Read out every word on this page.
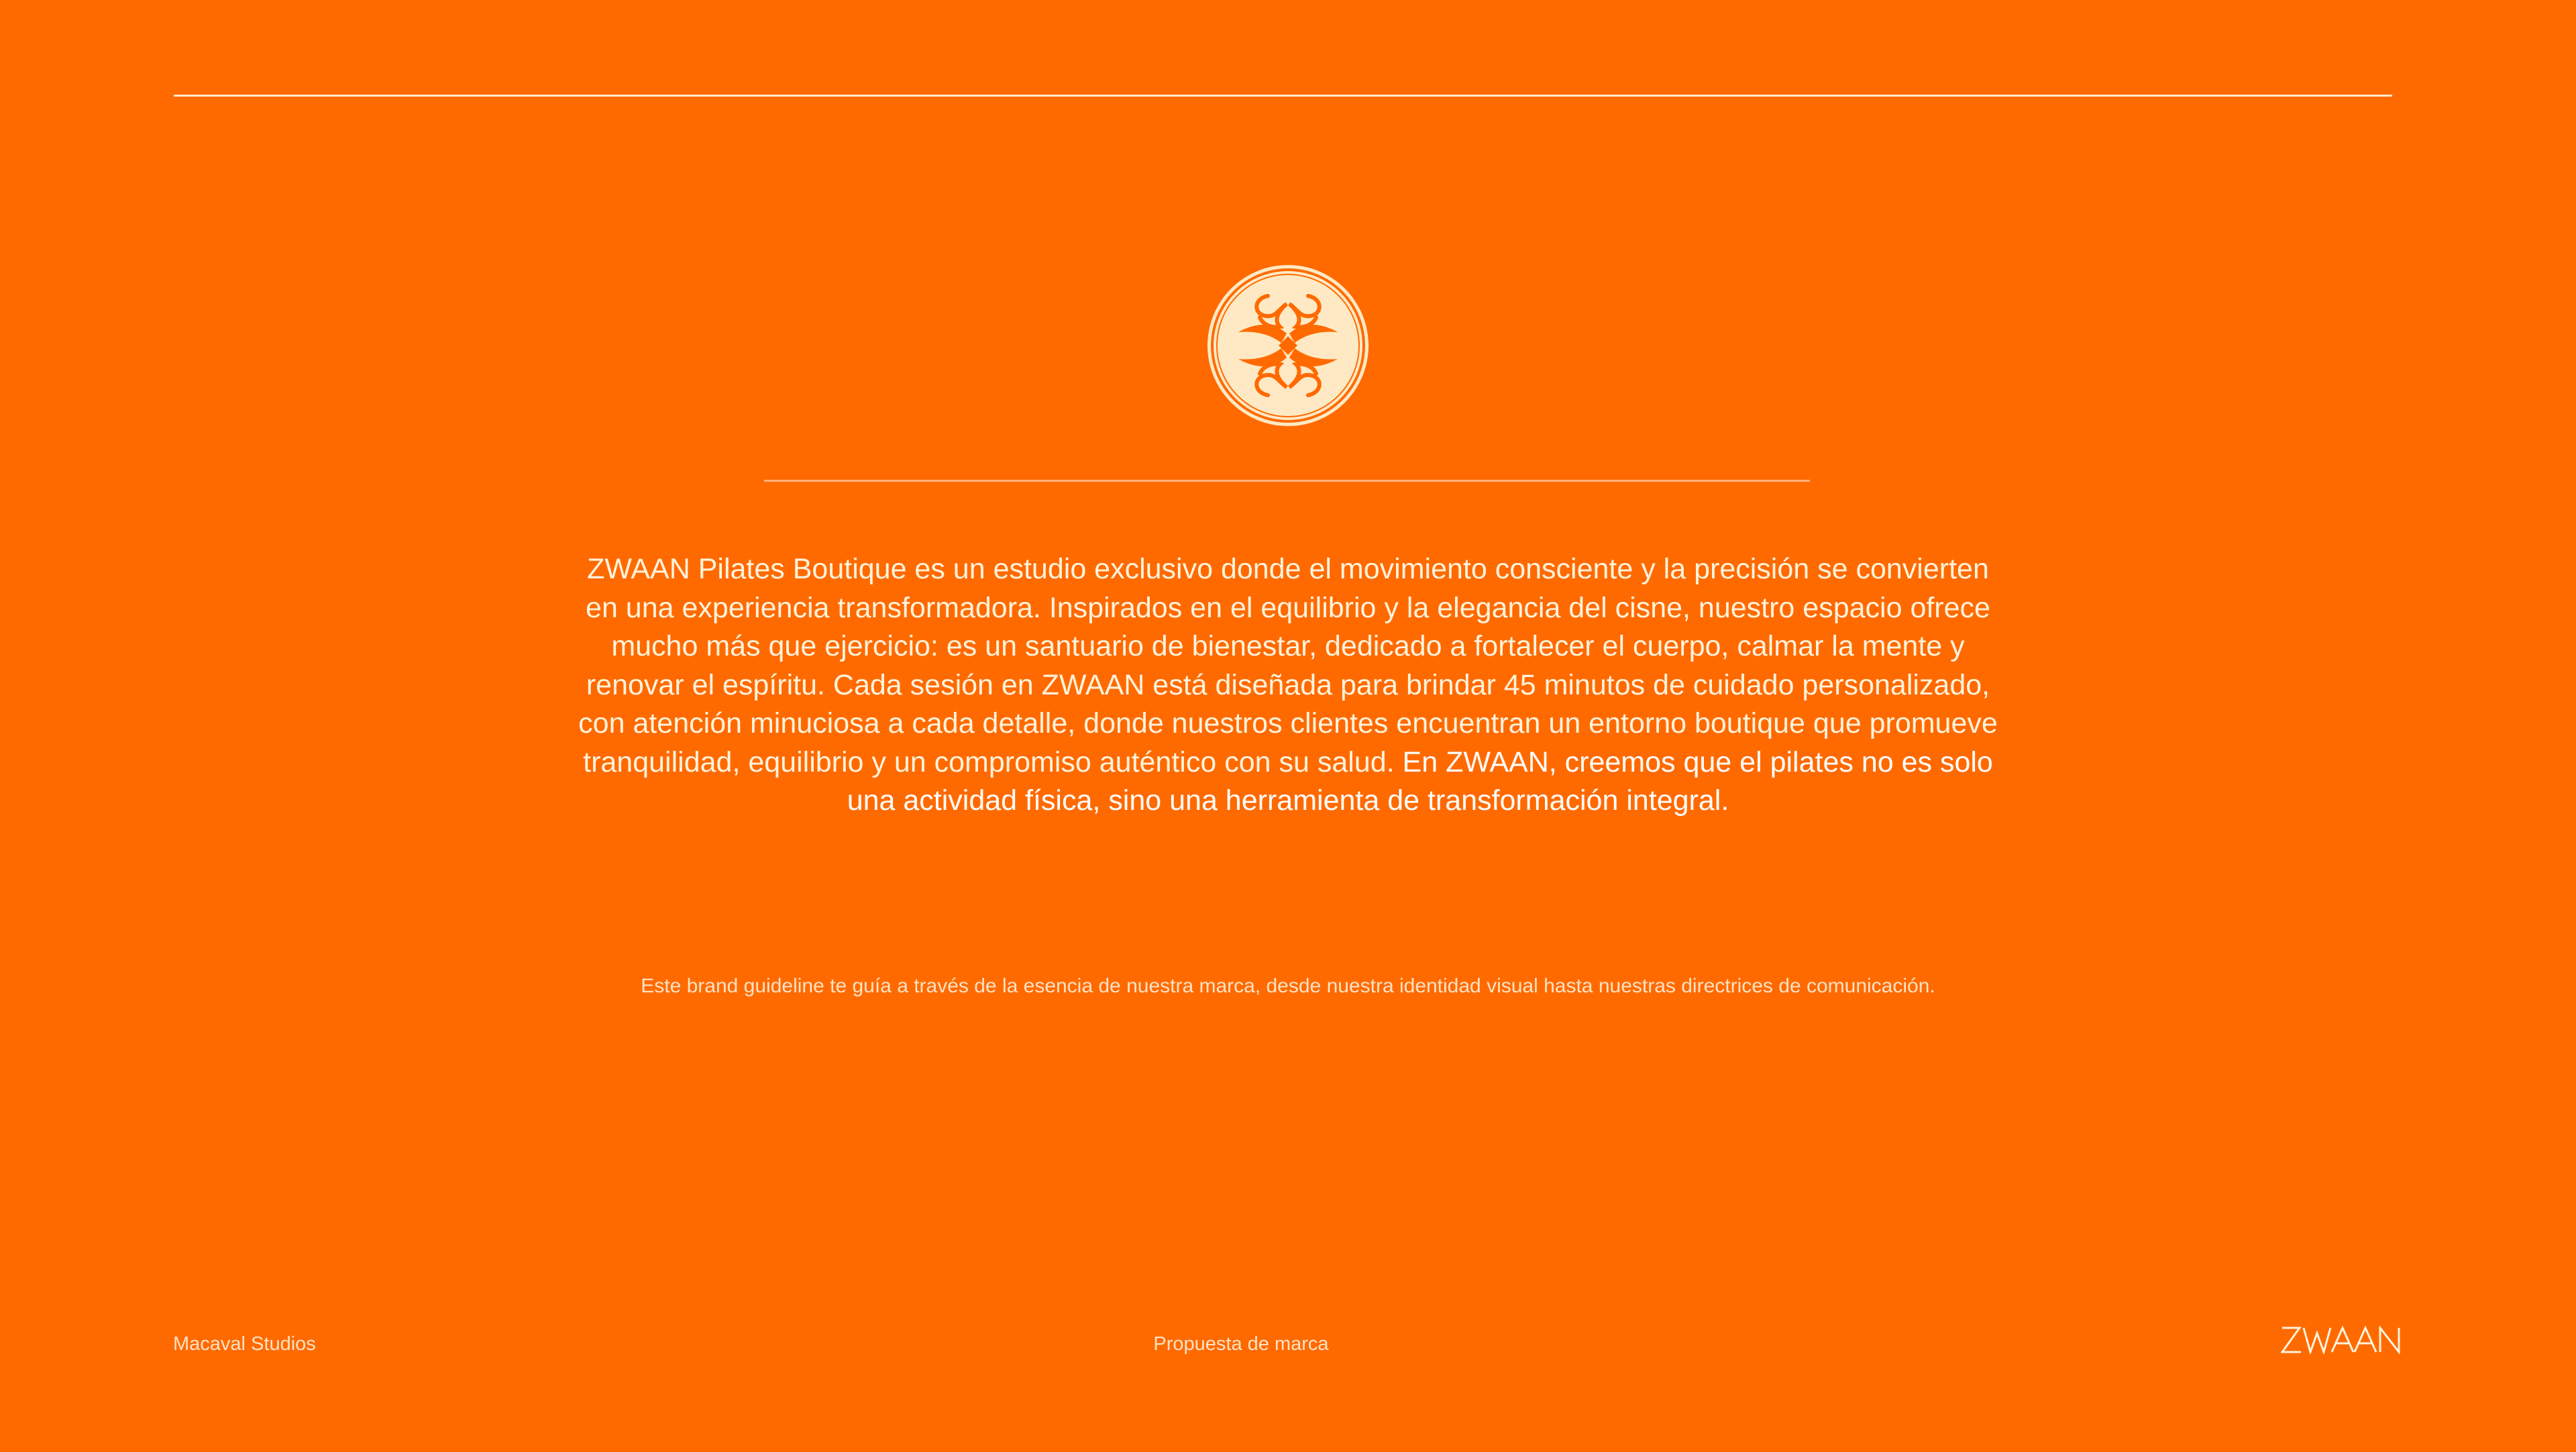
ZWAAN Pilates Boutique es un estudio exclusivo donde el movimiento consciente y la precisión se convierten en una experiencia transformadora. Inspirados en el equilibrio y la elegancia del cisne, nuestro espacio ofrece mucho más que ejercicio: es un santuario de bienestar, dedicado a fortalecer el cuerpo, calmar la mente y renovar el espíritu. Cada sesión en ZWAAN está diseñada para brindar 45 minutos de cuidado personalizado, con atención minuciosa a cada detalle, donde nuestros clientes encuentran un entorno boutique que promueve tranquilidad, equilibrio y un compromiso auténtico con su salud. En ZWAAN, creemos que el pilates no es solo una actividad física, sino una herramienta de transformación integral.

Este brand guideline te guía a través de la esencia de nuestra marca, desde nuestra identidad visual hasta nuestras directrices de comunicación.

Macaval Studios	Propuesta de marca
